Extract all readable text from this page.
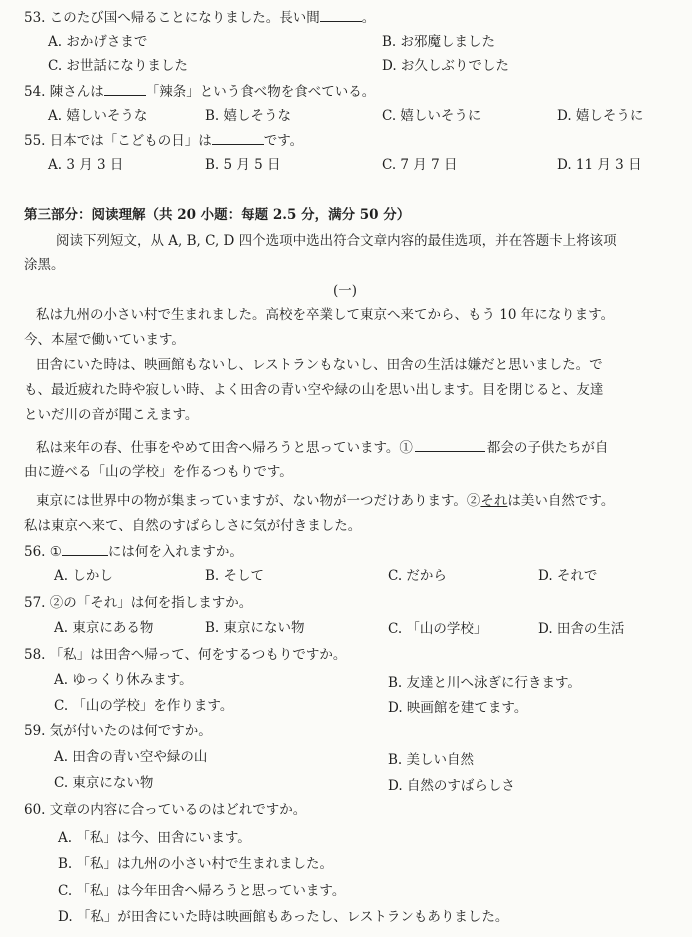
53. このたび国へ帰ることになりました。長い間	。
A. おかげさまで	B. お邪魔しました
C. お世話になりました	D. お久しぶりでした
54. 陳さんは	「辣条」という食べ物を食べている。
A. 嬉しいそうな	B. 嬉しそうな	C. 嬉しいそうに	D. 嬉しそうに
55. 日本では「こどもの日」は	です。
A. 3 月 3 日	B. 5 月 5 日	C. 7 月 7 日	D. 11 月 3 日
第三部分：阅读理解（共 20 小题：每题 2.5 分，满分 50 分）
阅读下列短文，从 A, B, C, D 四个选项中选出符合文章内容的最佳选项，并在答题卡上将该项
涂黑。
(一)
私は九州の小さい村で生まれました。高校を卒業して東京へ来てから、もう 10 年になります。
今、本屋で働いています。
田舎にいた時は、映画館もないし、レストランもないし、田舎の生活は嫌だと思いました。で
も、最近疲れた時や寂しい時、よく田舎の青い空や緑の山を思い出します。目を閉じると、友達
といだ川の音が聞こえます。
私は来年の春、仕事をやめて田舎へ帰ろうと思っています。①	都会の子供たちが自
由に遊べる「山の学校」を作るつもりです。
東京には世界中の物が集まっていますが、ない物が一つだけあります。②それは美い自然です。
私は東京へ来て、自然のすばらしさに気が付きました。
56. ①	には何を入れますか。
A. しかし	B. そして	C. だから	D. それで
57. ②の「それ」は何を指しますか。
A. 東京にある物	B. 東京にない物	C. 「山の学校」	D. 田舎の生活
58. 「私」は田舎へ帰って、何をするつもりですか。
A. ゆっくり休みます。	B. 友達と川へ泳ぎに行きます。
C. 「山の学校」を作ります。	D. 映画館を建てます。
59. 気が付いたのは何ですか。
A. 田舎の青い空や緑の山	B. 美しい自然
C. 東京にない物	D. 自然のすばらしさ
60. 文章の内容に合っているのはどれですか。
A. 「私」は今、田舎にいます。
B. 「私」は九州の小さい村で生まれました。
C. 「私」は今年田舎へ帰ろうと思っています。
D. 「私」が田舎にいた時は映画館もあったし、レストランもありました。
